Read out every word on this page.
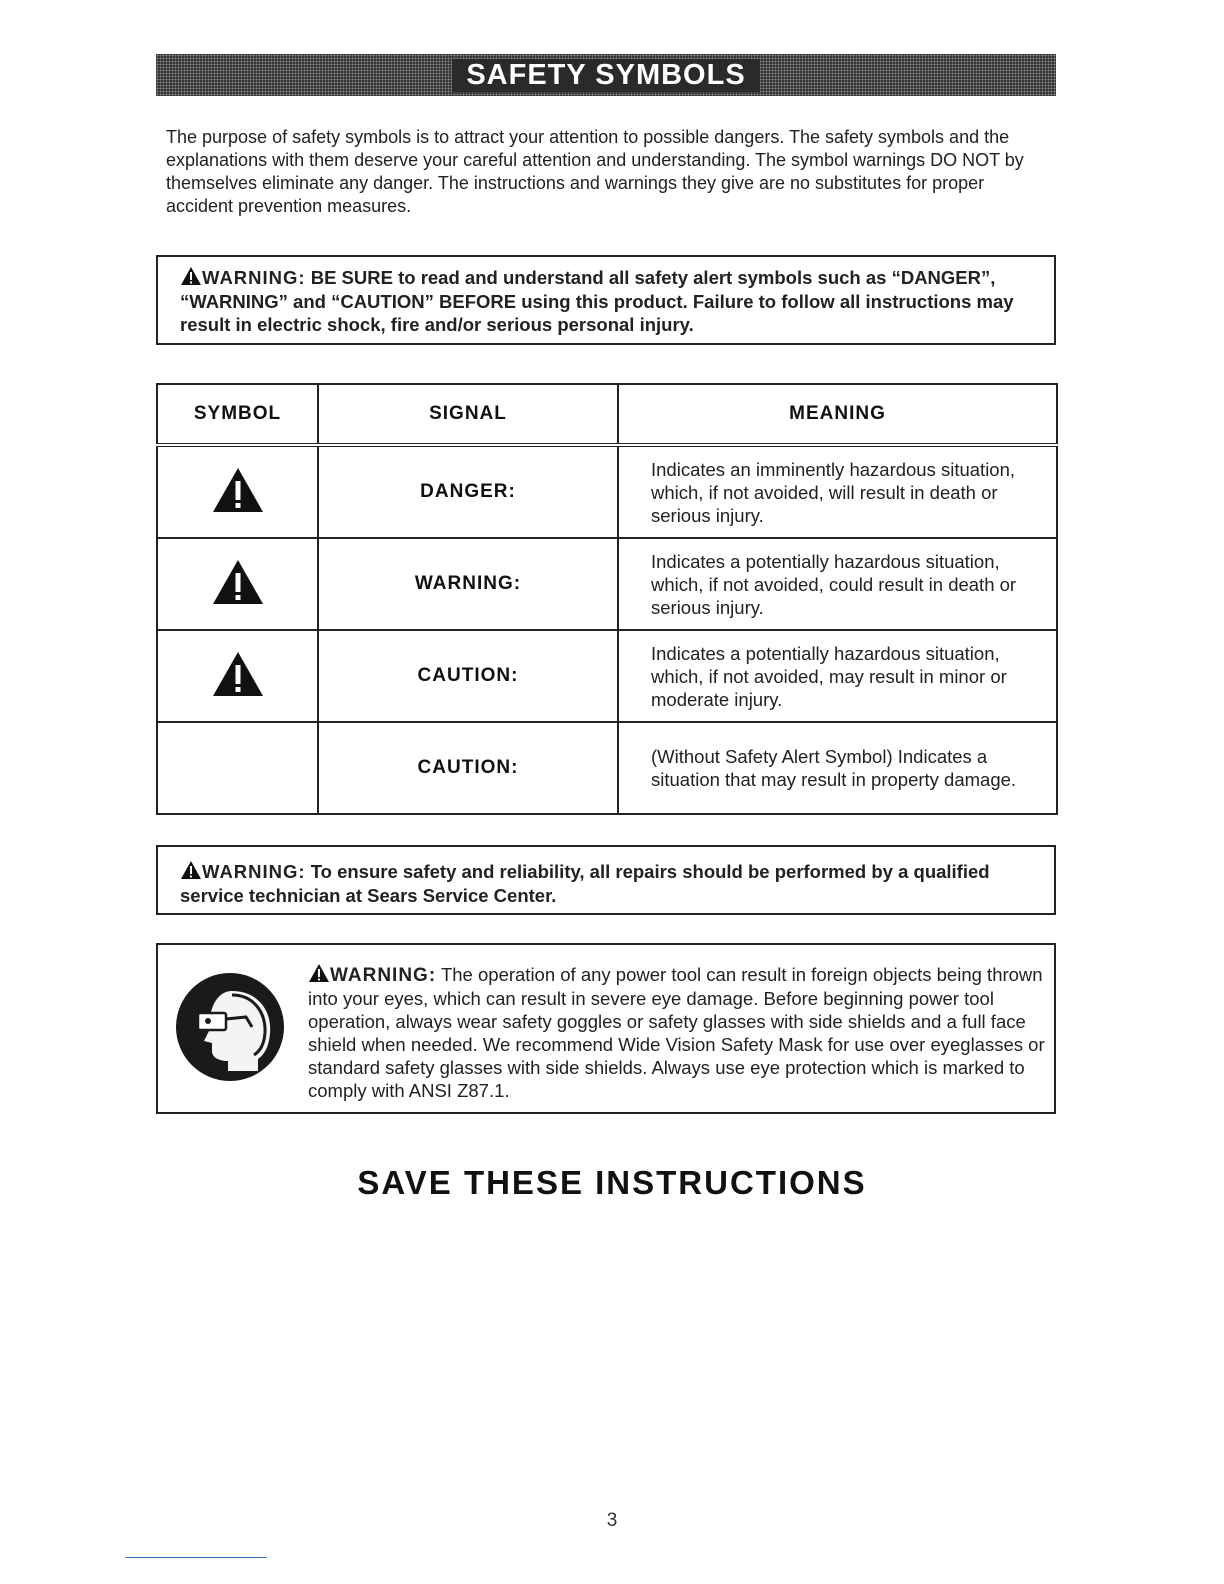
SAFETY SYMBOLS

The purpose of safety symbols is to attract your attention to possible dangers. The safety symbols and the explanations with them deserve your careful attention and understanding. The symbol warnings DO NOT by themselves eliminate any danger. The instructions and warnings they give are no substitutes for proper accident prevention measures.

WARNING: BE SURE to read and understand all safety alert symbols such as “DANGER”, “WARNING” and “CAUTION” BEFORE using this product. Failure to follow all instructions may result in electric shock, fire and/or serious personal injury.

SYMBOL	SIGNAL	MEANING
	DANGER:	Indicates an imminently hazardous situation, which, if not avoided, will result in death or serious injury.
	WARNING:	Indicates a potentially hazardous situation, which, if not avoided, could result in death or serious injury.
	CAUTION:	Indicates a potentially hazardous situation, which, if not avoided, may result in minor or moderate injury.
	CAUTION:	(Without Safety Alert Symbol) Indicates a situation that may result in property damage.

WARNING: To ensure safety and reliability, all repairs should be performed by a qualified service technician at Sears Service Center.

WARNING: The operation of any power tool can result in foreign objects being thrown into your eyes, which can result in severe eye damage. Before beginning power tool operation, always wear safety goggles or safety glasses with side shields and a full face shield when needed. We recommend Wide Vision Safety Mask for use over eyeglasses or standard safety glasses with side shields. Always use eye protection which is marked to comply with ANSI Z87.1.

SAVE THESE INSTRUCTIONS
3
